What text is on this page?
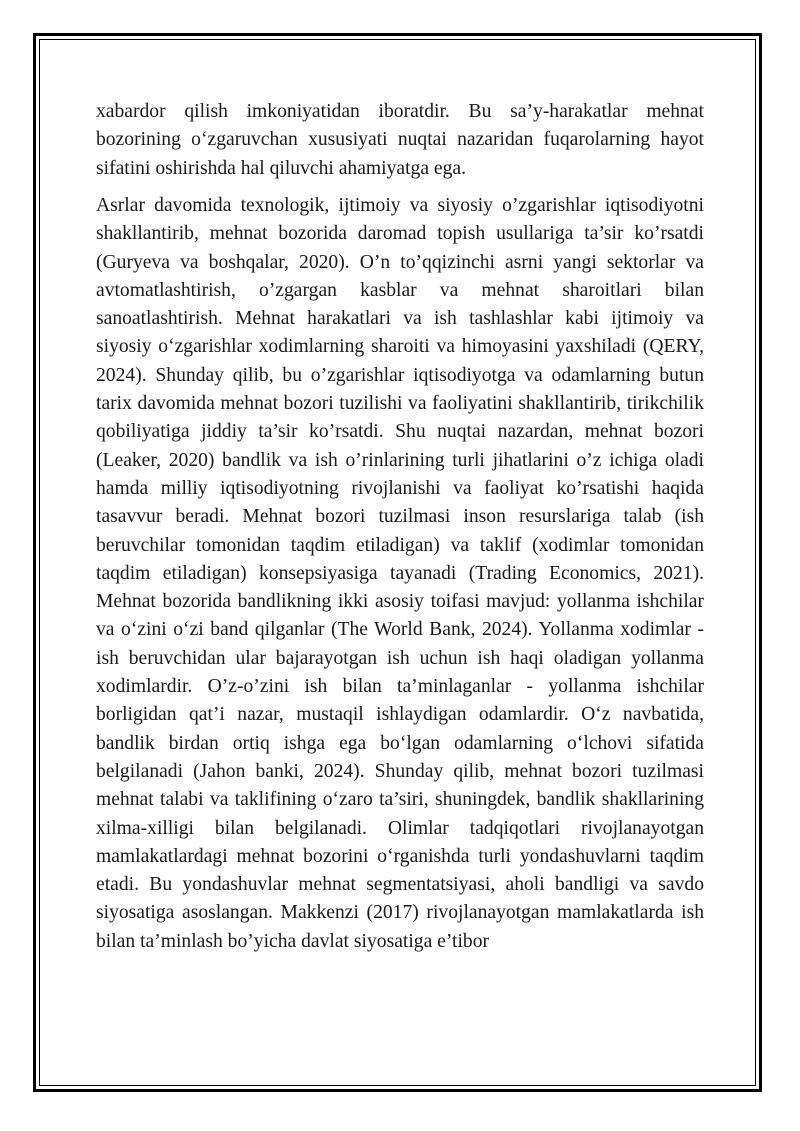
xabardor qilish imkoniyatidan iboratdir. Bu sa’y-harakatlar mehnat bozorining o‘zgaruvchan xususiyati nuqtai nazaridan fuqarolarning hayot sifatini oshirishda hal qiluvchi ahamiyatga ega.

Asrlar davomida texnologik, ijtimoiy va siyosiy o’zgarishlar iqtisodiyotni shakllantirib, mehnat bozorida daromad topish usullariga ta’sir ko’rsatdi (Guryeva va boshqalar, 2020). O’n to’qqizinchi asrni yangi sektorlar va avtomatlashtirish, o’zgargan kasblar va mehnat sharoitlari bilan sanoatlashtirish. Mehnat harakatlari va ish tashlashlar kabi ijtimoiy va siyosiy o‘zgarishlar xodimlarning sharoiti va himoyasini yaxshiladi (QERY, 2024). Shunday qilib, bu o’zgarishlar iqtisodiyotga va odamlarning butun tarix davomida mehnat bozori tuzilishi va faoliyatini shakllantirib, tirikchilik qobiliyatiga jiddiy ta’sir ko’rsatdi. Shu nuqtai nazardan, mehnat bozori (Leaker, 2020) bandlik va ish o’rinlarining turli jihatlarini o’z ichiga oladi hamda milliy iqtisodiyotning rivojlanishi va faoliyat ko’rsatishi haqida tasavvur beradi. Mehnat bozori tuzilmasi inson resurslariga talab (ish beruvchilar tomonidan taqdim etiladigan) va taklif (xodimlar tomonidan taqdim etiladigan) konsepsiyasiga tayanadi (Trading Economics, 2021). Mehnat bozorida bandlikning ikki asosiy toifasi mavjud: yollanma ishchilar va o‘zini o‘zi band qilganlar (The World Bank, 2024). Yollanma xodimlar - ish beruvchidan ular bajarayotgan ish uchun ish haqi oladigan yollanma xodimlardir. O’z-o’zini ish bilan ta’minlaganlar - yollanma ishchilar borligidan qat’i nazar, mustaqil ishlaydigan odamlardir. O‘z navbatida, bandlik birdan ortiq ishga ega bo‘lgan odamlarning o‘lchovi sifatida belgilanadi (Jahon banki, 2024). Shunday qilib, mehnat bozori tuzilmasi mehnat talabi va taklifining o‘zaro ta’siri, shuningdek, bandlik shakllarining xilma-xilligi bilan belgilanadi. Olimlar tadqiqotlari rivojlanayotgan mamlakatlardagi mehnat bozorini o‘rganishda turli yondashuvlarni taqdim etadi. Bu yondashuvlar mehnat segmentatsiyasi, aholi bandligi va savdo siyosatiga asoslangan. Makkenzi (2017) rivojlanayotgan mamlakatlarda ish bilan ta’minlash bo’yicha davlat siyosatiga e’tibor
